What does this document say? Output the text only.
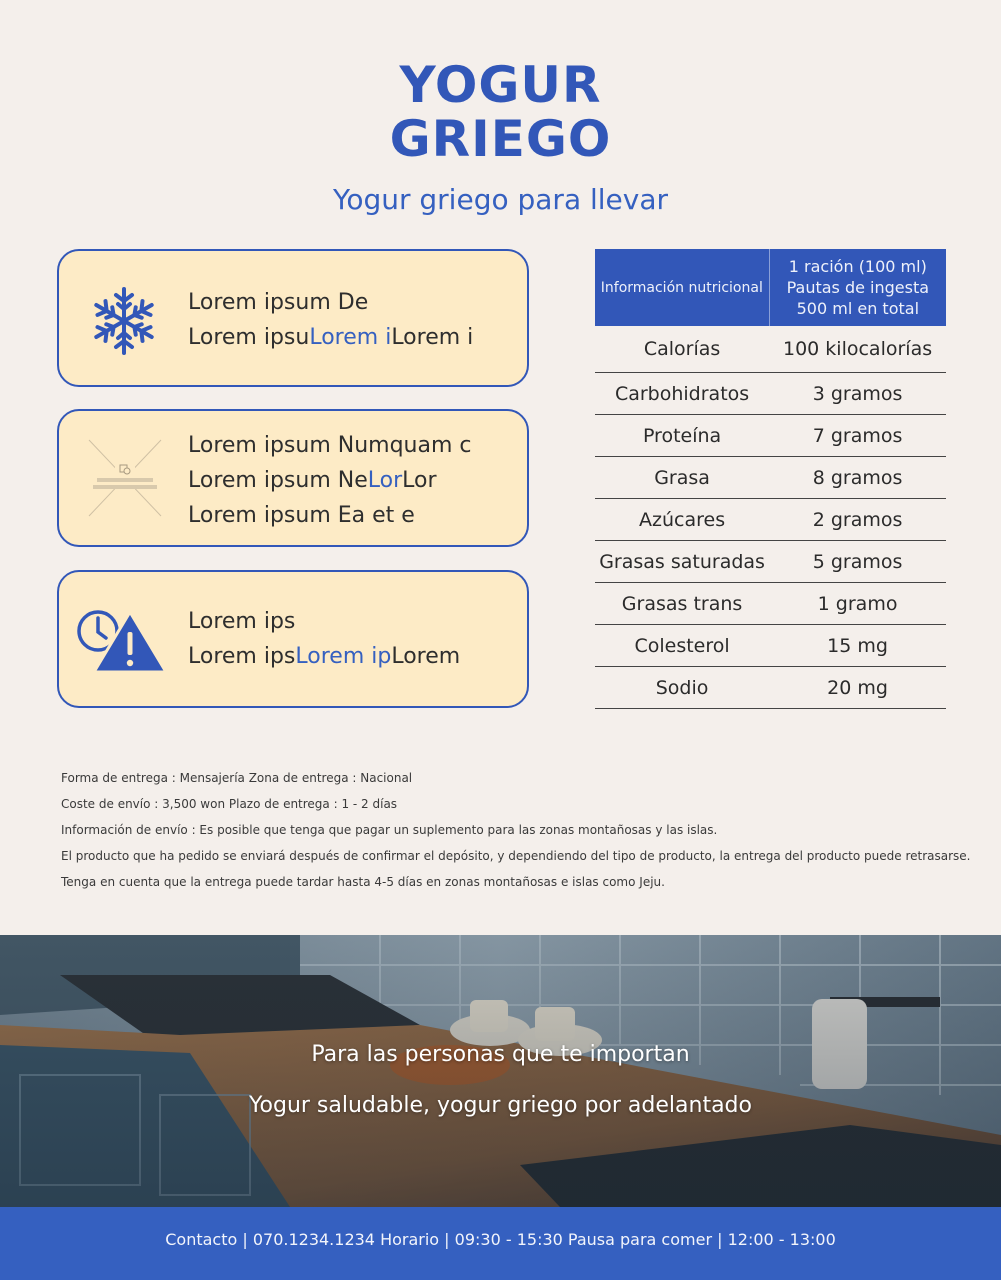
YOGUR
GRIEGO
Yogur griego para llevar
Lorem ipsum De
Lorem ipsuLorem iLorem i
Lorem ipsum Numquam c
Lorem ipsum NeLorLor
Lorem ipsum Ea et e
Lorem ips
Lorem ipsLorem ipLorem
Información nutricional	1 ración (100 ml)
Pautas de ingesta
500 ml en total

Calorías	100 kilocalorías
Carbohidratos	3 gramos
Proteína	7 gramos
Grasa	8 gramos
Azúcares	2 gramos
Grasas saturadas	5 gramos
Grasas trans	1 gramo
Colesterol	15 mg
Sodio	20 mg
Forma de entrega : Mensajería Zona de entrega : Nacional
Coste de envío : 3,500 won Plazo de entrega : 1 - 2 días
Información de envío : Es posible que tenga que pagar un suplemento para las zonas montañosas y las islas.
El producto que ha pedido se enviará después de confirmar el depósito, y dependiendo del tipo de producto, la entrega del producto puede retrasarse.
Tenga en cuenta que la entrega puede tardar hasta 4-5 días en zonas montañosas e islas como Jeju.
Para las personas que te importan
Yogur saludable, yogur griego por adelantado
Contacto | 070.1234.1234 Horario | 09:30 - 15:30 Pausa para comer | 12:00 - 13:00
